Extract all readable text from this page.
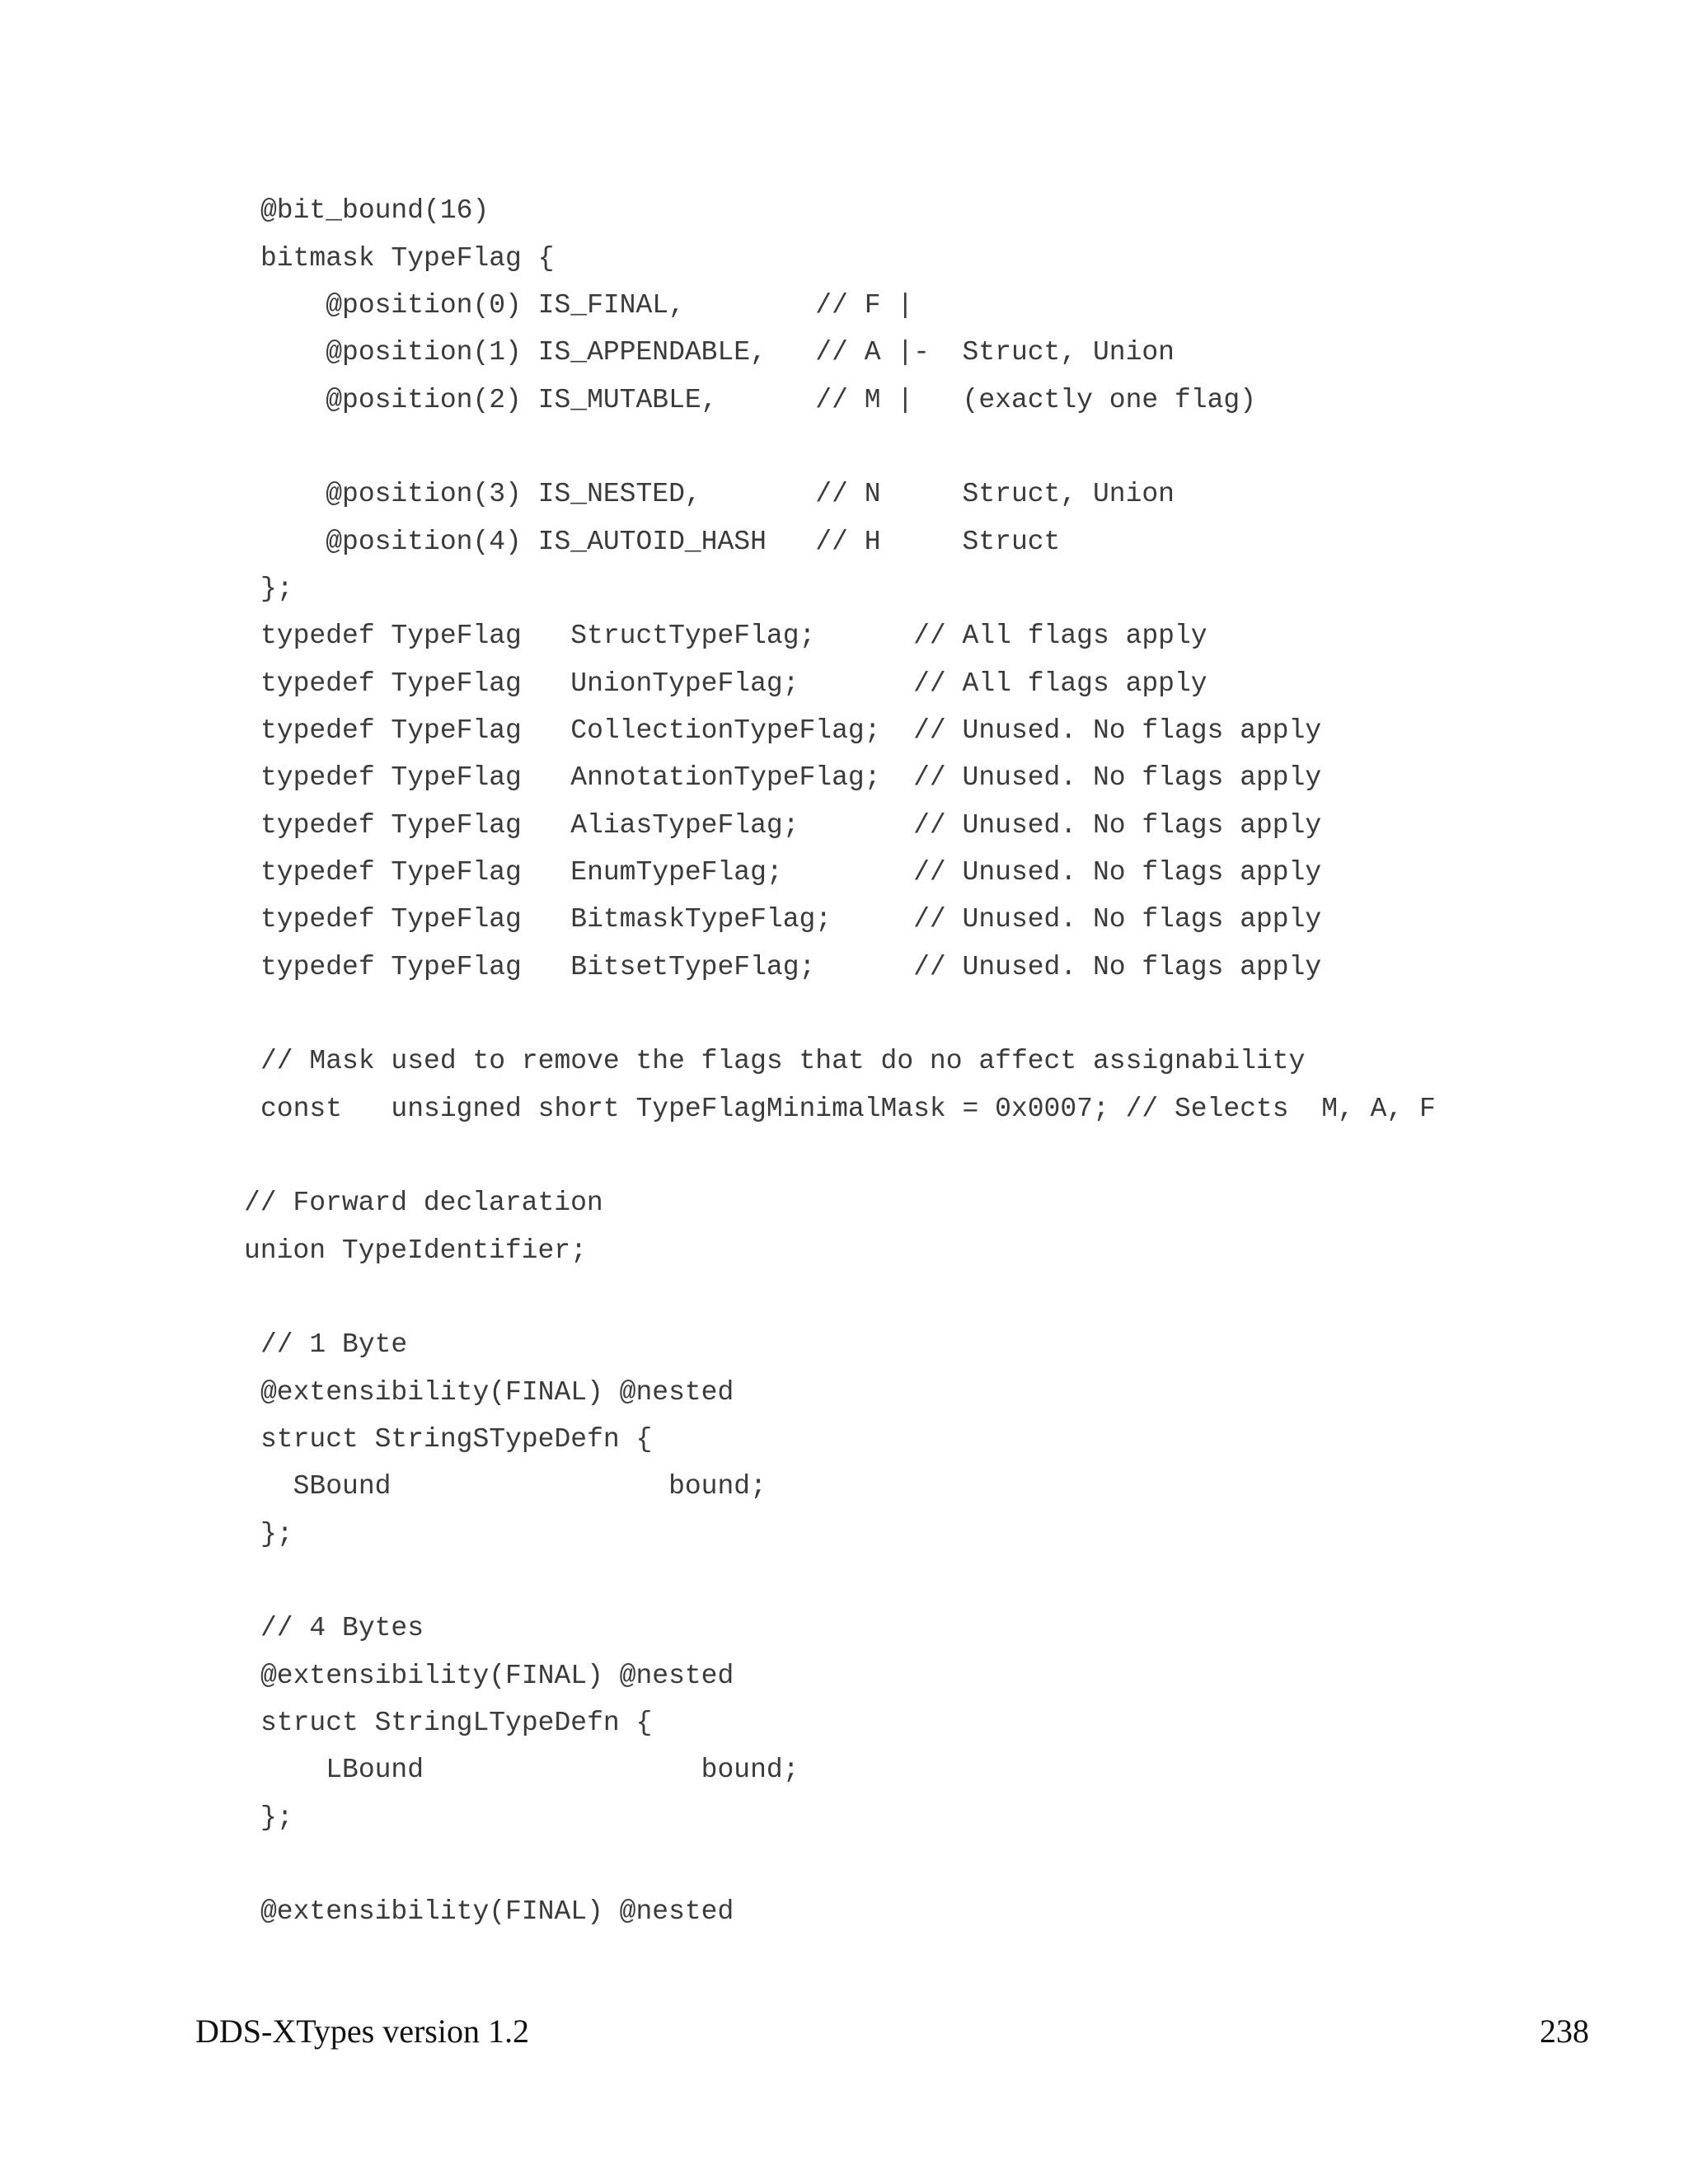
@bit_bound(16)
bitmask TypeFlag {
@position(0) IS_FINAL,        // F |
@position(1) IS_APPENDABLE,   // A |-  Struct, Union
@position(2) IS_MUTABLE,      // M |   (exactly one flag)
@position(3) IS_NESTED,       // N     Struct, Union
@position(4) IS_AUTOID_HASH   // H     Struct
};
typedef TypeFlag   StructTypeFlag;      // All flags apply
typedef TypeFlag   UnionTypeFlag;       // All flags apply
typedef TypeFlag   CollectionTypeFlag;  // Unused. No flags apply
typedef TypeFlag   AnnotationTypeFlag;  // Unused. No flags apply
typedef TypeFlag   AliasTypeFlag;       // Unused. No flags apply
typedef TypeFlag   EnumTypeFlag;        // Unused. No flags apply
typedef TypeFlag   BitmaskTypeFlag;     // Unused. No flags apply
typedef TypeFlag   BitsetTypeFlag;      // Unused. No flags apply
// Mask used to remove the flags that do no affect assignability
const   unsigned short TypeFlagMinimalMask = 0x0007; // Selects  M, A, F
// Forward declaration
union TypeIdentifier;
// 1 Byte
@extensibility(FINAL) @nested
struct StringSTypeDefn {
SBound                 bound;
};
// 4 Bytes
@extensibility(FINAL) @nested
struct StringLTypeDefn {
LBound                 bound;
};
@extensibility(FINAL) @nested
DDS-XTypes version 1.2	238
